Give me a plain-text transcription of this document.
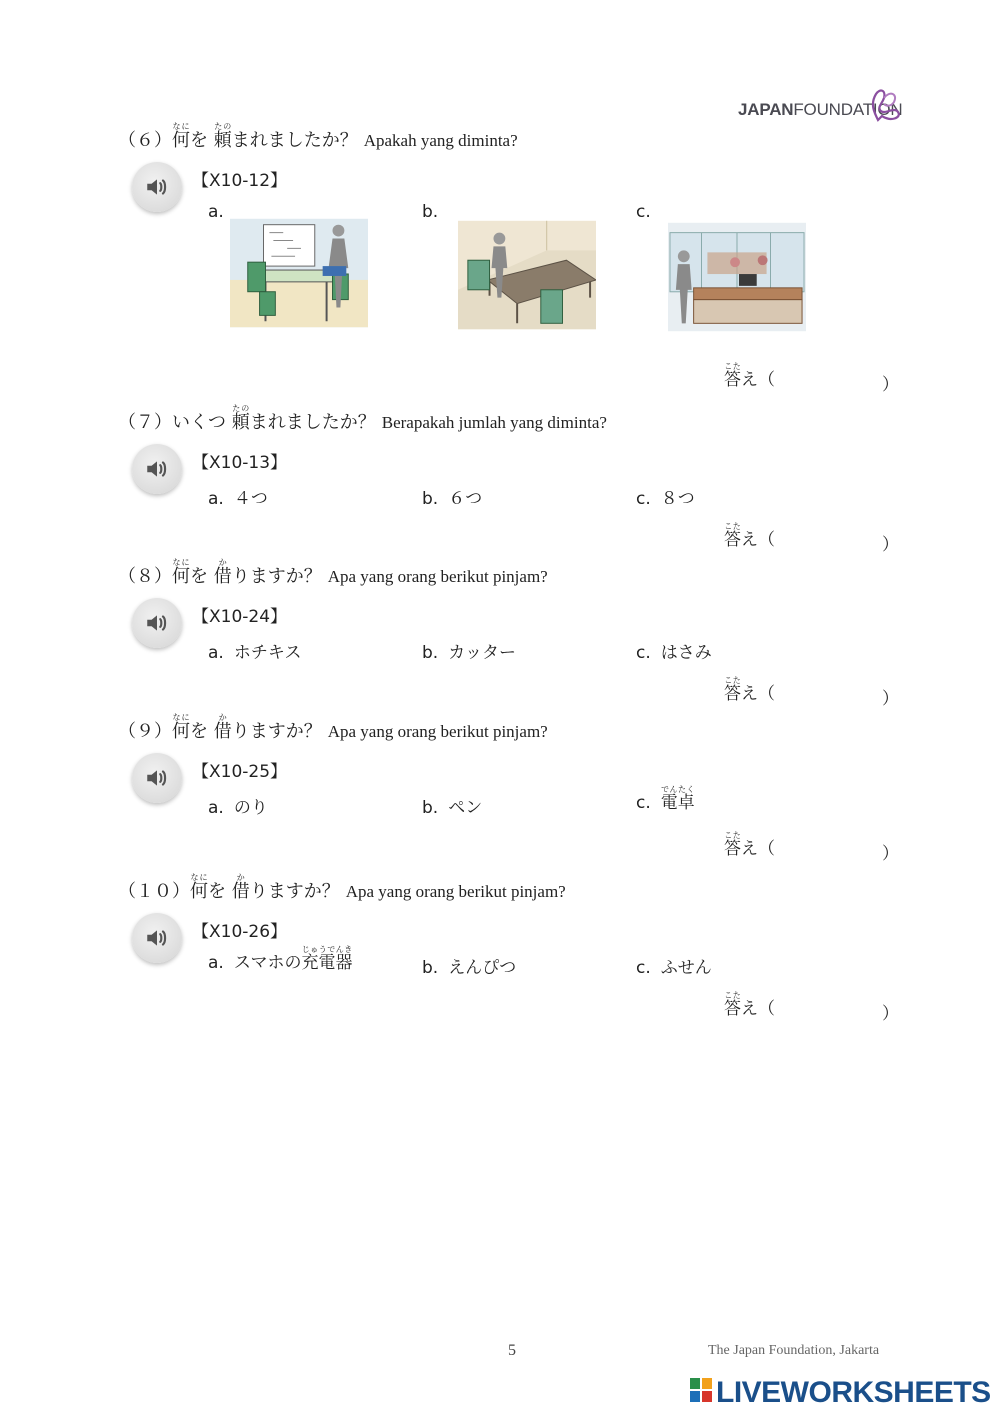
JAPANFOUNDATION
（６）何なにを 頼たのまれましたか？ Apakah yang diminta?
【X10-12】
a.	b.	c.
答こたえ（	）
（７）いくつ 頼たのまれましたか？ Berapakah jumlah yang diminta?
【X10-13】
a. ４つ	b. ６つ	c. ８つ
答こたえ（	）
（８）何なにを 借かりますか？ Apa yang orang berikut pinjam?
【X10-24】
a. ホチキス	b. カッター	c. はさみ
答こたえ（	）
（９）何なにを 借かりますか？ Apa yang orang berikut pinjam?
【X10-25】
a. のり	b. ペン	c. 電卓でんたく
答こたえ（	）
（１０）何なにを 借かりますか？ Apa yang orang berikut pinjam?
【X10-26】
a. スマホの充電器じゅうでんき
b. えんぴつ	c. ふせん
答こたえ（	）
5	The Japan Foundation, Jakarta
LIVEWORKSHEETS
